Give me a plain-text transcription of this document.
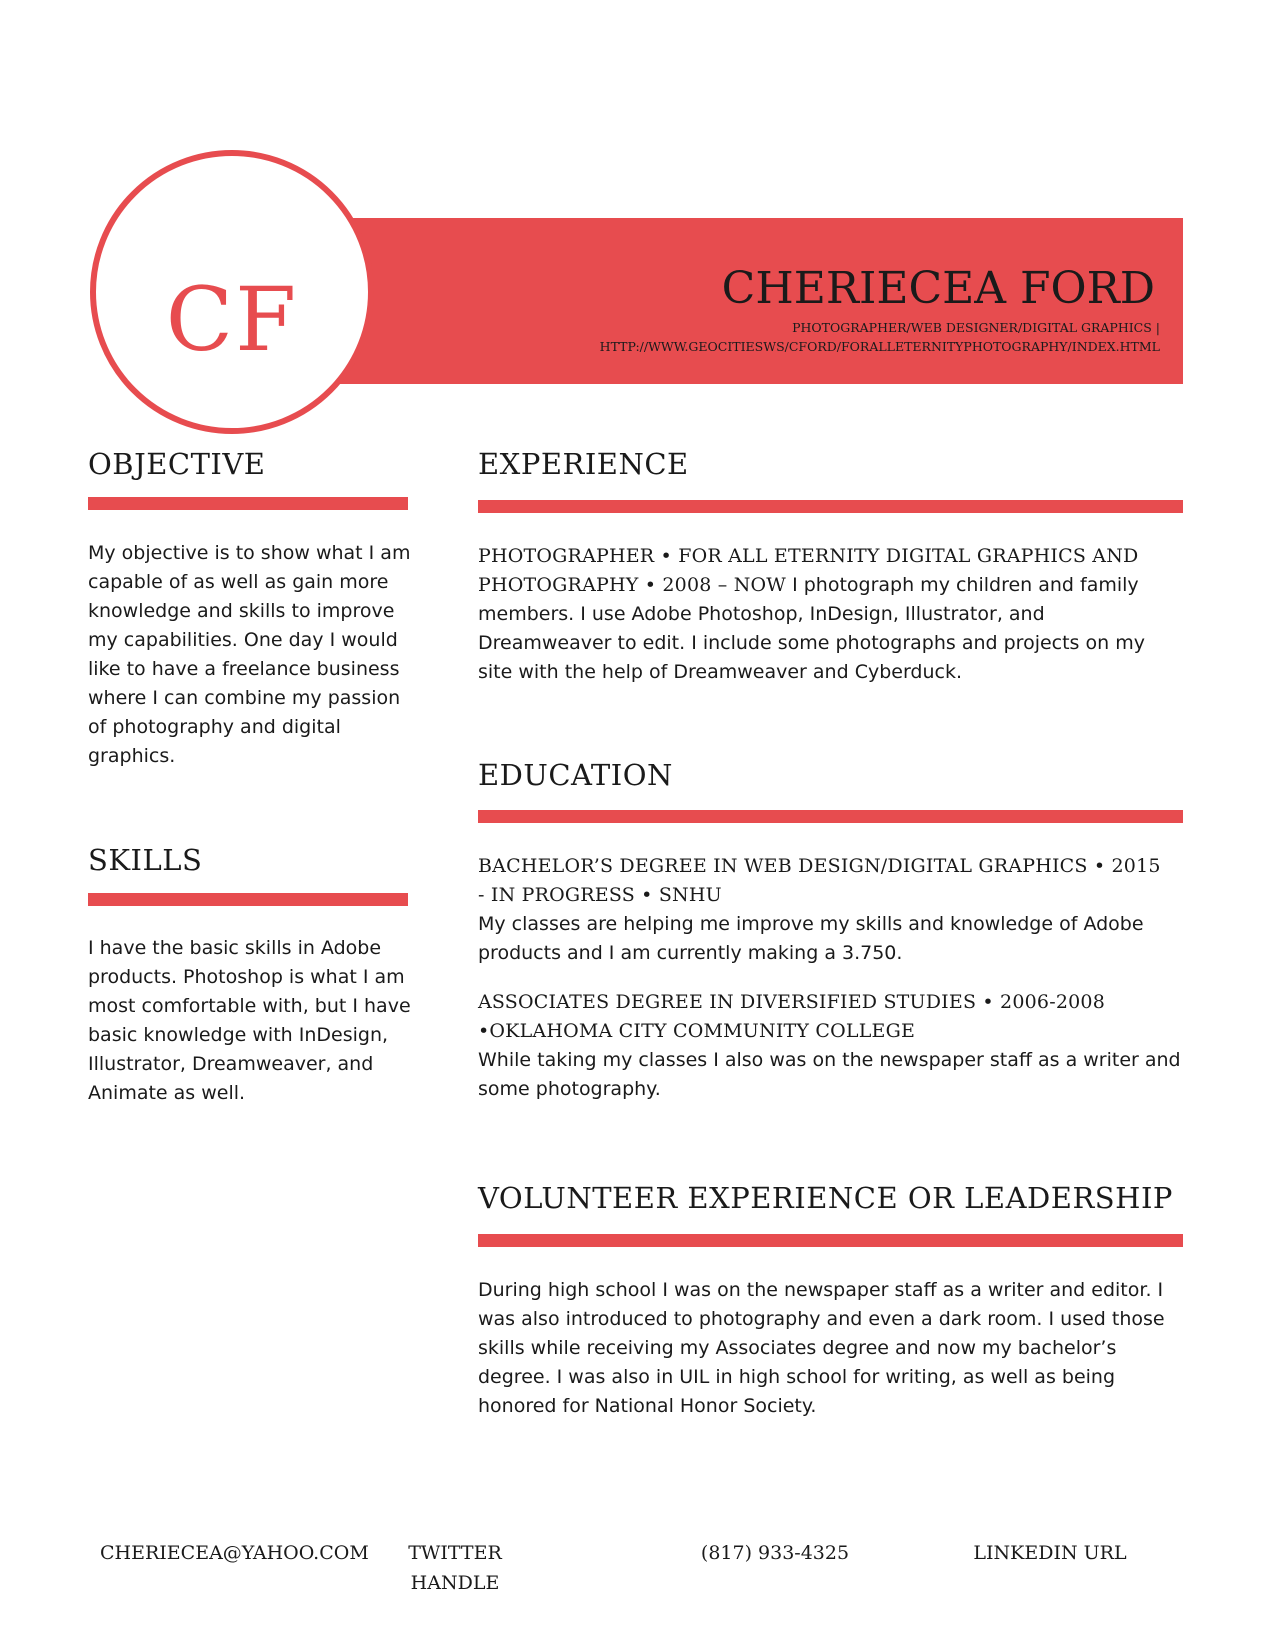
CF	CHERIECEA FORD
PHOTOGRAPHER/WEB DESIGNER/DIGITAL GRAPHICS |
HTTP://WWW.GEOCITIESWS/CFORD/FORALLETERNITYPHOTOGRAPHY/INDEX.HTML
OBJECTIVE
My objective is to show what I am capable of as well as gain more knowledge and skills to improve my capabilities. One day I would like to have a freelance business where I can combine my passion of photography and digital graphics.
SKILLS
I have the basic skills in Adobe products. Photoshop is what I am most comfortable with, but I have basic knowledge with InDesign, Illustrator, Dreamweaver, and Animate as well.
EXPERIENCE
PHOTOGRAPHER • FOR ALL ETERNITY DIGITAL GRAPHICS AND PHOTOGRAPHY • 2008 – NOW I photograph my children and family members. I use Adobe Photoshop, InDesign, Illustrator, and Dreamweaver to edit. I include some photographs and projects on my site with the help of Dreamweaver and Cyberduck.
EDUCATION
BACHELOR’S DEGREE IN WEB DESIGN/DIGITAL GRAPHICS • 2015 - IN PROGRESS • SNHU
My classes are helping me improve my skills and knowledge of Adobe products and I am currently making a 3.750.
ASSOCIATES DEGREE IN DIVERSIFIED STUDIES • 2006-2008
•OKLAHOMA CITY COMMUNITY COLLEGE
While taking my classes I also was on the newspaper staff as a writer and some photography.
VOLUNTEER EXPERIENCE OR LEADERSHIP
During high school I was on the newspaper staff as a writer and editor. I was also introduced to photography and even a dark room. I used those skills while receiving my Associates degree and now my bachelor’s degree. I was also in UIL in high school for writing, as well as being honored for National Honor Society.
CHERIECEA@YAHOO.COM	TWITTER
HANDLE
(817) 933-4325	LINKEDIN URL
